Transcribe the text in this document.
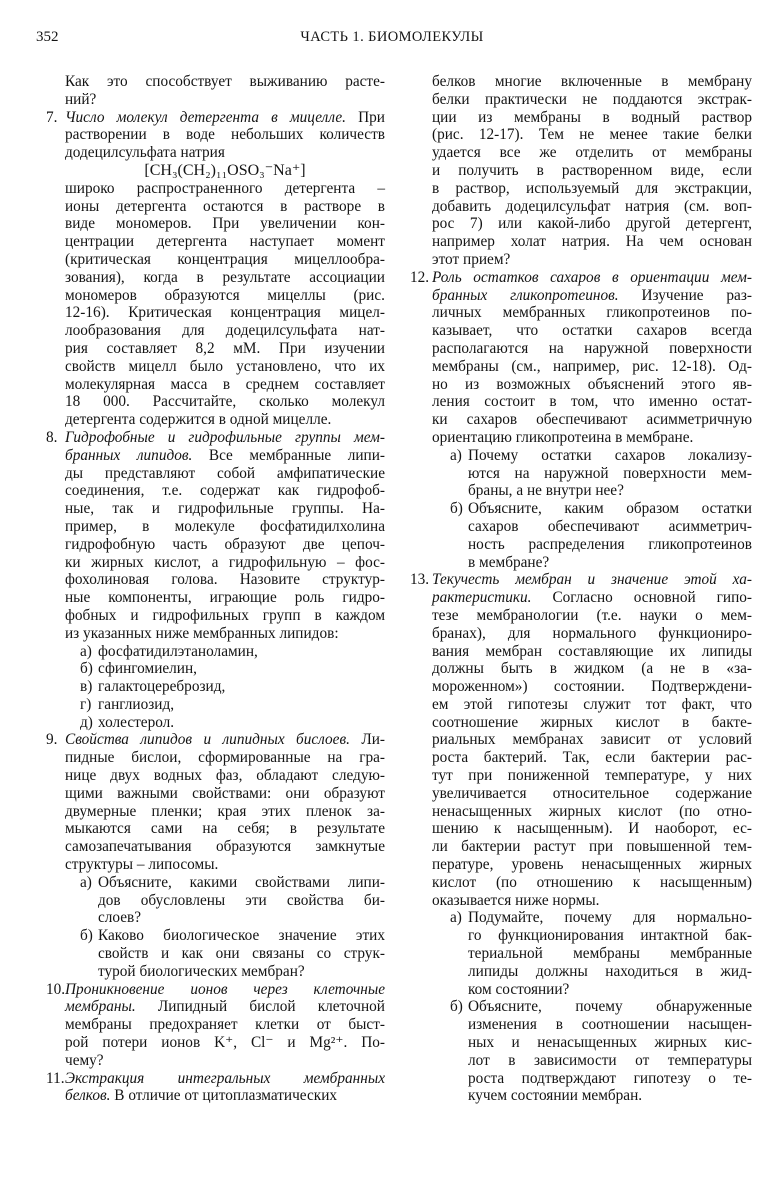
352	ЧАСТЬ 1. БИОМОЛЕКУЛЫ
Как это способствует выживанию расте-
ний?
7. Число молекул детергента в мицелле. При
растворении в воде небольших количеств
додецилсульфата натрия
[CH₃(CH₂)₁₁OSO₃⁻Na⁺]
широко распространенного детергента –
ионы детергента остаются в растворе в
виде мономеров. При увеличении кон-
центрации детергента наступает момент
(критическая концентрация мицеллообра-
зования), когда в результате ассоциации
мономеров образуются мицеллы (рис.
12-16). Критическая концентрация мицел-
лообразования для додецилсульфата нат-
рия составляет 8,2 мМ. При изучении
свойств мицелл было установлено, что их
молекулярная масса в среднем составляет
18 000. Рассчитайте, сколько молекул
детергента содержится в одной мицелле.
8. Гидрофобные и гидрофильные группы мем-
бранных липидов. Все мембранные липи-
ды представляют собой амфипатические
соединения, т.е. содержат как гидрофоб-
ные, так и гидрофильные группы. На-
пример, в молекуле фосфатидилхолина
гидрофобную часть образуют две цепоч-
ки жирных кислот, а гидрофильную – фос-
фохолиновая голова. Назовите структур-
ные компоненты, играющие роль гидро-
фобных и гидрофильных групп в каждом
из указанных ниже мембранных липидов:
а) фосфатидилэтаноламин,
б) сфингомиелин,
в) галактоцереброзид,
г) ганглиозид,
д) холестерол.
9. Свойства липидов и липидных бислоев. Ли-
пидные бислои, сформированные на гра-
нице двух водных фаз, обладают следую-
щими важными свойствами: они образуют
двумерные пленки; края этих пленок за-
мыкаются сами на себя; в результате
самозапечатывания образуются замкнутые
структуры – липосомы.
а) Объясните, какими свойствами липи-
дов обусловлены эти свойства би-
слоев?
б) Каково биологическое значение этих
свойств и как они связаны со струк-
турой биологических мембран?
10. Проникновение ионов через клеточные
мембраны. Липидный бислой клеточной
мембраны предохраняет клетки от быст-
рой потери ионов K⁺, Cl⁻ и Mg²⁺. По-
чему?
11. Экстракция интегральных мембранных
белков. В отличие от цитоплазматических
белков многие включенные в мембрану
белки практически не поддаются экстрак-
ции из мембраны в водный раствор
(рис. 12-17). Тем не менее такие белки
удается все же отделить от мембраны
и получить в растворенном виде, если
в раствор, используемый для экстракции,
добавить додецилсульфат натрия (см. воп-
рос 7) или какой-либо другой детергент,
например холат натрия. На чем основан
этот прием?
12. Роль остатков сахаров в ориентации мем-
бранных гликопротеинов. Изучение раз-
личных мембранных гликопротеинов по-
казывает, что остатки сахаров всегда
располагаются на наружной поверхности
мембраны (см., например, рис. 12-18). Од-
но из возможных объяснений этого яв-
ления состоит в том, что именно остат-
ки сахаров обеспечивают асимметричную
ориентацию гликопротеина в мембране.
а) Почему остатки сахаров локализу-
ются на наружной поверхности мем-
браны, а не внутри нее?
б) Объясните, каким образом остатки
сахаров обеспечивают асимметрич-
ность распределения гликопротеинов
в мембране?
13. Текучесть мембран и значение этой ха-
рактеристики. Согласно основной гипо-
тезе мембранологии (т.е. науки о мем-
бранах), для нормального функциониро-
вания мембран составляющие их липиды
должны быть в жидком (а не в «за-
мороженном») состоянии. Подтверждени-
ем этой гипотезы служит тот факт, что
соотношение жирных кислот в бакте-
риальных мембранах зависит от условий
роста бактерий. Так, если бактерии рас-
тут при пониженной температуре, у них
увеличивается относительное содержание
ненасыщенных жирных кислот (по отно-
шению к насыщенным). И наоборот, ес-
ли бактерии растут при повышенной тем-
пературе, уровень ненасыщенных жирных
кислот (по отношению к насыщенным)
оказывается ниже нормы.
а) Подумайте, почему для нормально-
го функционирования интактной бак-
териальной мембраны мембранные
липиды должны находиться в жид-
ком состоянии?
б) Объясните, почему обнаруженные
изменения в соотношении насыщен-
ных и ненасыщенных жирных кис-
лот в зависимости от температуры
роста подтверждают гипотезу о те-
кучем состоянии мембран.
